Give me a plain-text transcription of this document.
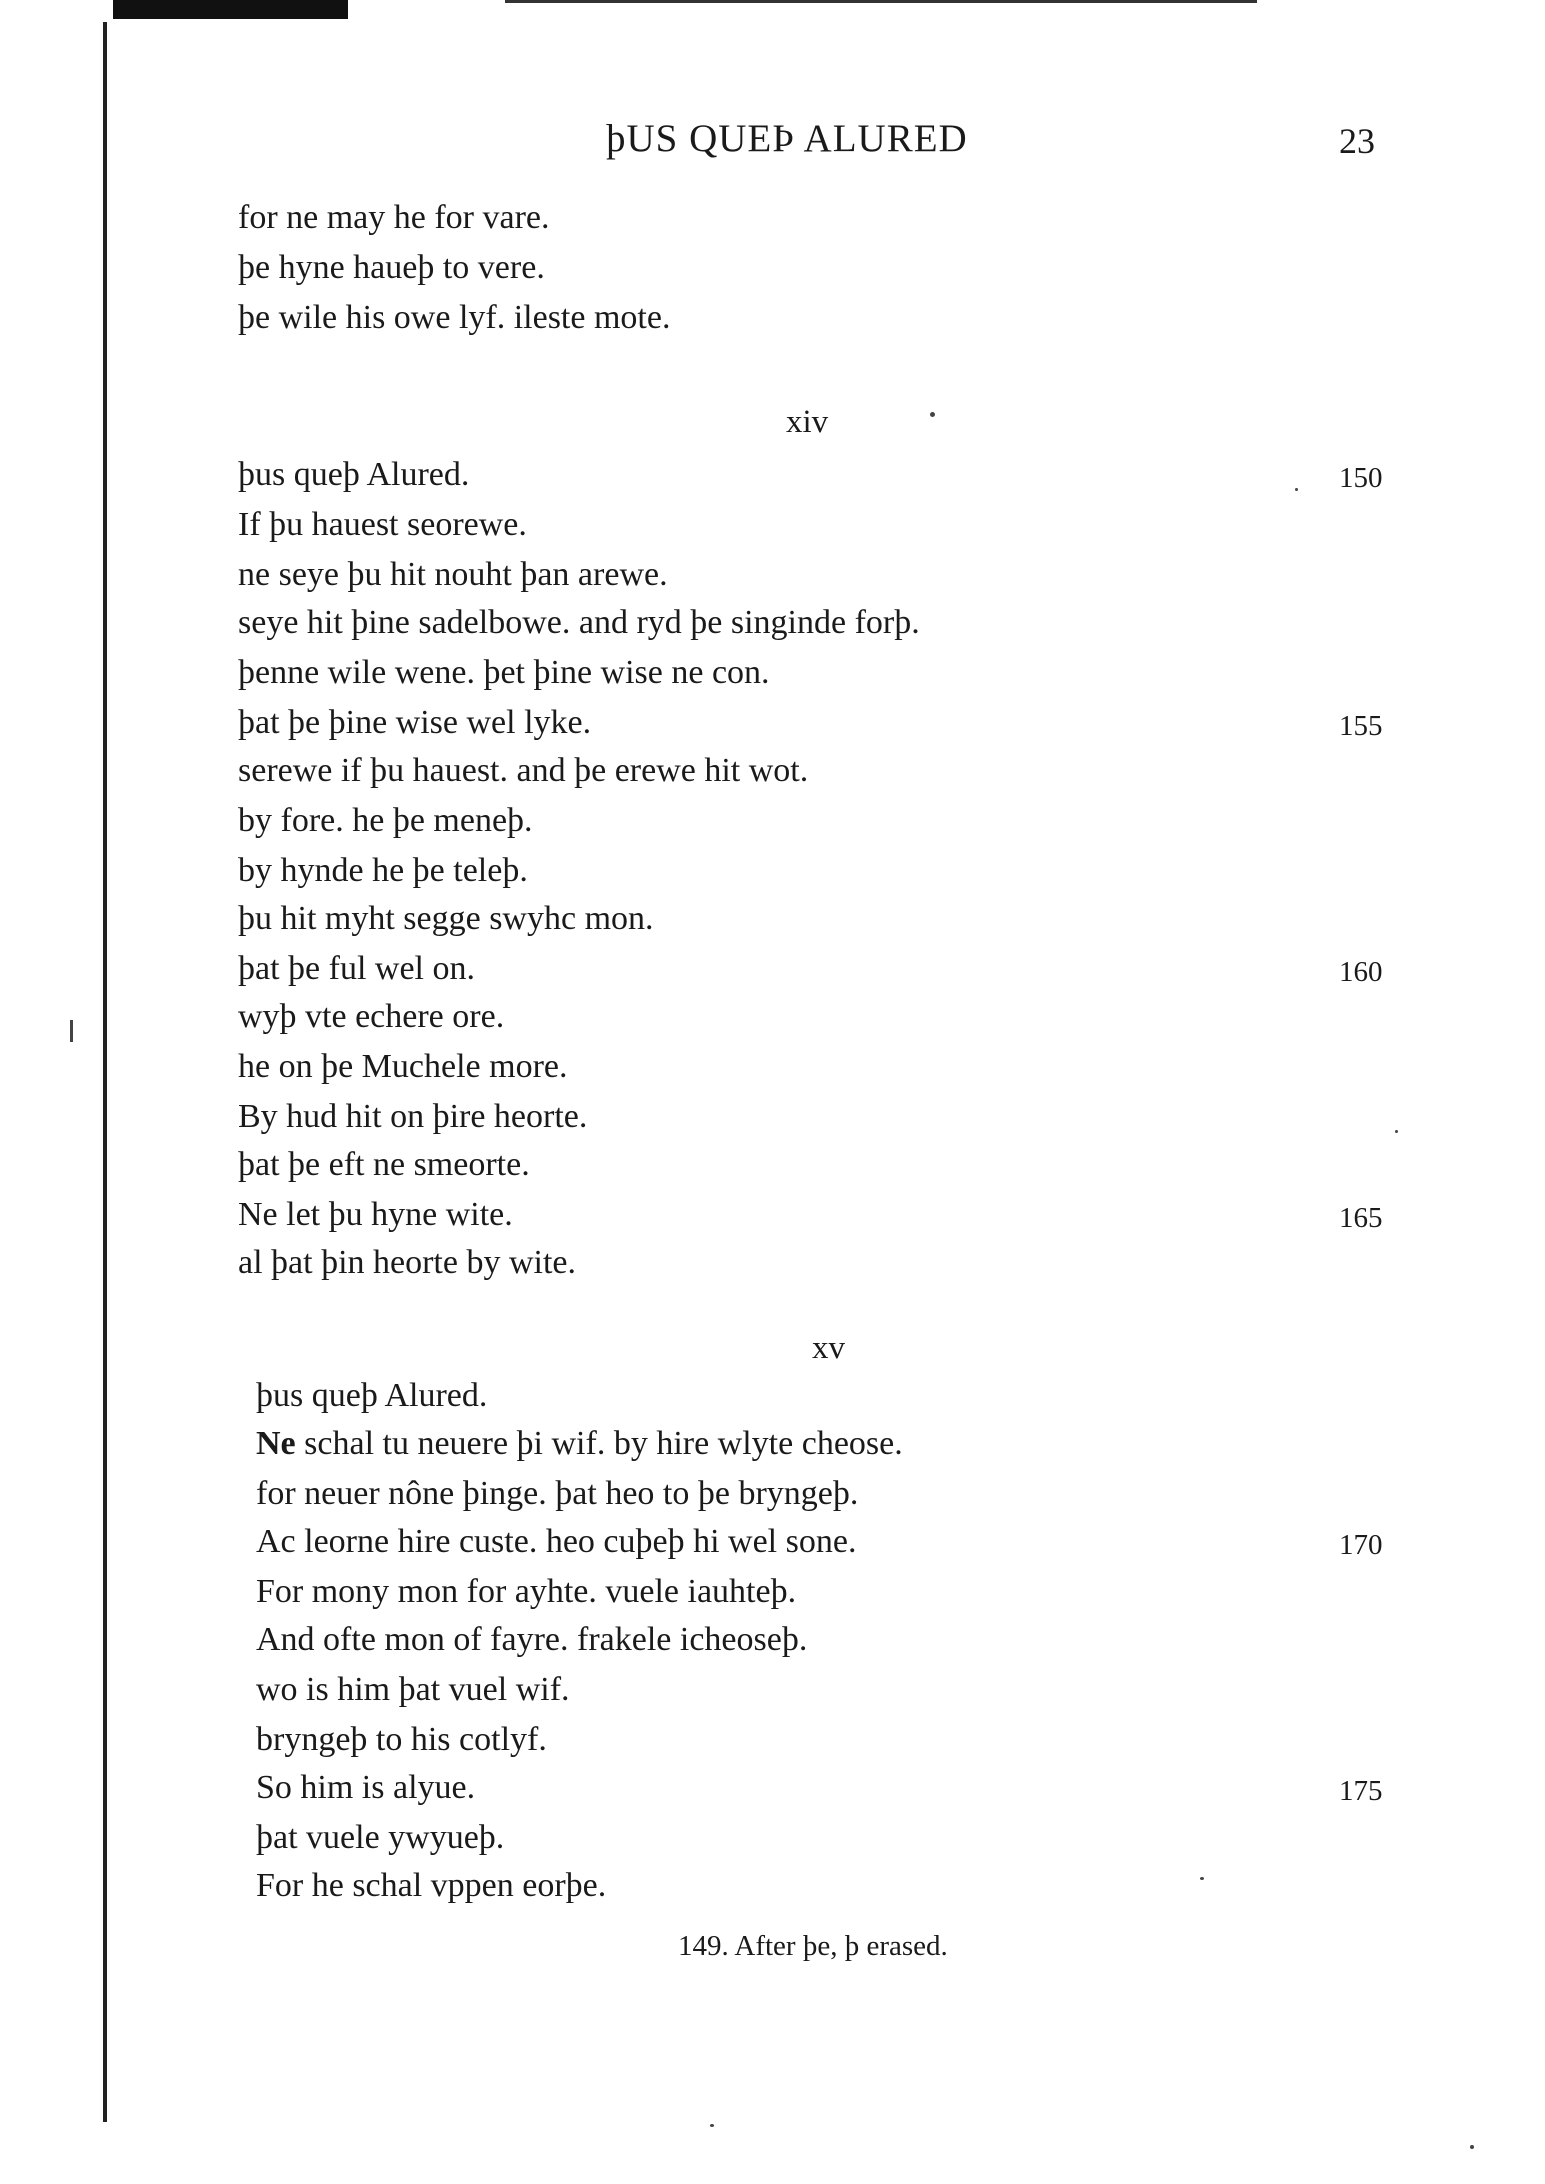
þUS QUEÞ ALURED	23
for ne may he for vare.
þe hyne haueþ to vere.
þe wile his owe lyf. ileste mote.
xiv
þus queþ Alured.	150
If þu hauest seorewe.
ne seye þu hit nouht þan arewe.
seye hit þine sadelbowe. and ryd þe singinde forþ.
þenne wile wene. þet þine wise ne con.
þat þe þine wise wel lyke.	155
serewe if þu hauest. and þe erewe hit wot.
by fore. he þe meneþ.
by hynde he þe teleþ.
þu hit myht segge swyhc mon.
þat þe ful wel on.	160
wyþ vte echere ore.
he on þe Muchele more.
By hud hit on þire heorte.
þat þe eft ne smeorte.
Ne let þu hyne wite.	165
al þat þin heorte by wite.
xv
þus queþ Alured.
Ne schal tu neuere þi wif. by hire wlyte cheose.
for neuer nône þinge. þat heo to þe bryngeþ.
Ac leorne hire custe. heo cuþeþ hi wel sone.	170
For mony mon for ayhte. vuele iauhteþ.
And ofte mon of fayre. frakele icheoseþ.
wo is him þat vuel wif.
bryngeþ to his cotlyf.
So him is alyue.	175
þat vuele ywyueþ.
For he schal vppen eorþe.
149. After þe, þ erased.
